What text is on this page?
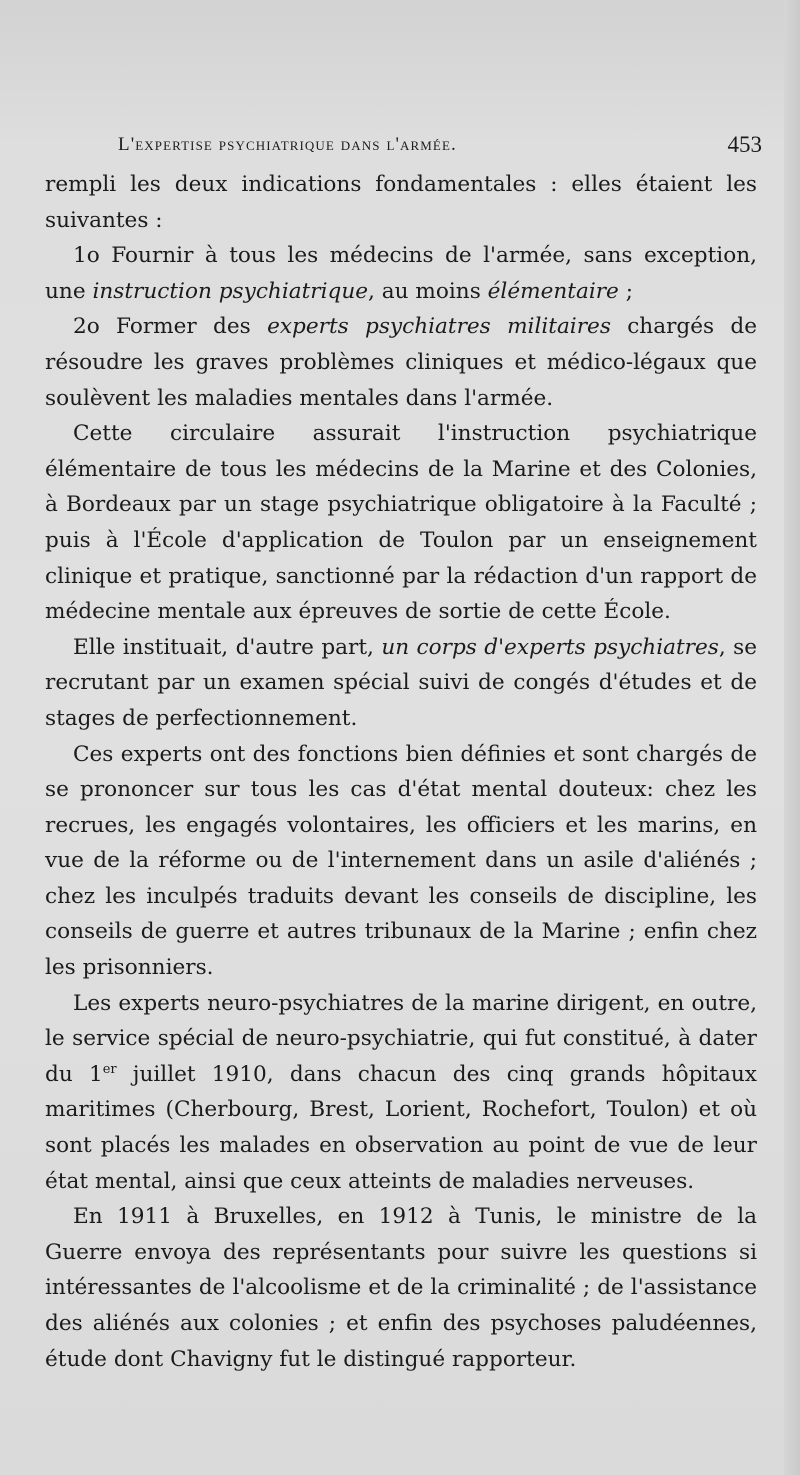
L'expertise psychiatrique dans l'armée.	453

rempli les deux indications fondamentales : elles étaient les suivantes :

1o Fournir à tous les médecins de l'armée, sans exception, une instruction psychiatrique, au moins élémentaire ;

2o Former des experts psychiatres militaires chargés de résoudre les graves problèmes cliniques et médico-légaux que soulèvent les maladies mentales dans l'armée.

Cette circulaire assurait l'instruction psychiatrique élémentaire de tous les médecins de la Marine et des Colonies, à Bordeaux par un stage psychiatrique obligatoire à la Faculté ; puis à l'École d'application de Toulon par un enseignement clinique et pratique, sanctionné par la rédaction d'un rapport de médecine mentale aux épreuves de sortie de cette École.

Elle instituait, d'autre part, un corps d'experts psychiatres, se recrutant par un examen spécial suivi de congés d'études et de stages de perfectionnement.

Ces experts ont des fonctions bien définies et sont chargés de se prononcer sur tous les cas d'état mental douteux: chez les recrues, les engagés volontaires, les officiers et les marins, en vue de la réforme ou de l'internement dans un asile d'aliénés ; chez les inculpés traduits devant les conseils de discipline, les conseils de guerre et autres tribunaux de la Marine ; enfin chez les prisonniers.

Les experts neuro-psychiatres de la marine dirigent, en outre, le service spécial de neuro-psychiatrie, qui fut constitué, à dater du 1er juillet 1910, dans chacun des cinq grands hôpitaux maritimes (Cherbourg, Brest, Lorient, Rochefort, Toulon) et où sont placés les malades en observation au point de vue de leur état mental, ainsi que ceux atteints de maladies nerveuses.

En 1911 à Bruxelles, en 1912 à Tunis, le ministre de la Guerre envoya des représentants pour suivre les questions si intéressantes de l'alcoolisme et de la criminalité ; de l'assistance des aliénés aux colonies ; et enfin des psychoses paludéennes, étude dont Chavigny fut le distingué rapporteur.
